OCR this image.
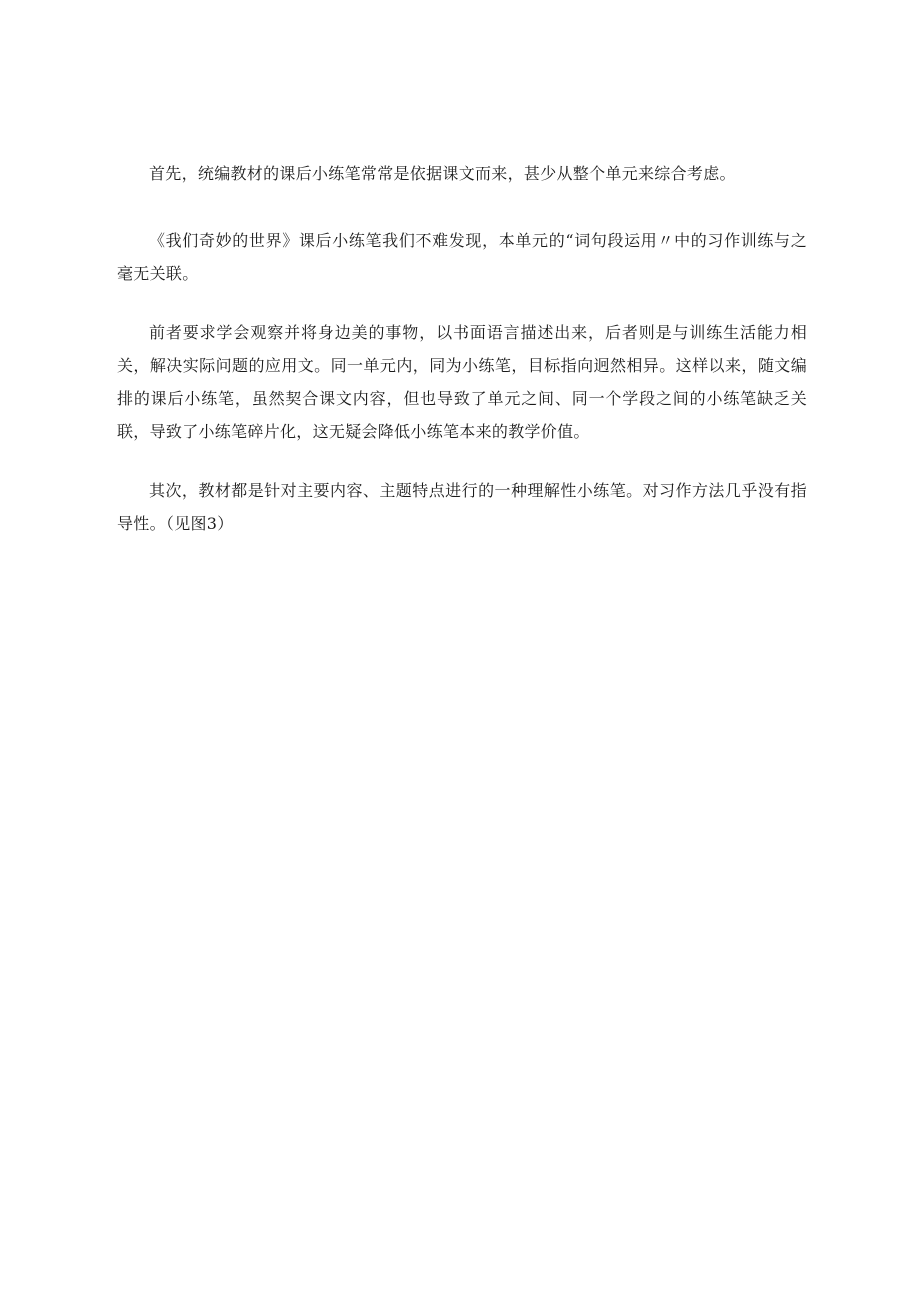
首先，统编教材的课后小练笔常常是依据课文而来，甚少从整个单元来综合考虑。

《我们奇妙的世界》课后小练笔我们不难发现，本单元的“词句段运用〃中的习作训练与之毫无关联。

前者要求学会观察并将身边美的事物，以书面语言描述出来，后者则是与训练生活能力相关，解决实际问题的应用文。同一单元内，同为小练笔，目标指向迥然相异。这样以来，随文编排的课后小练笔，虽然契合课文内容，但也导致了单元之间、同一个学段之间的小练笔缺乏关联，导致了小练笔碎片化，这无疑会降低小练笔本来的教学价值。

其次，教材都是针对主要内容、主题特点进行的一种理解性小练笔。对习作方法几乎没有指导性。（见图3）
